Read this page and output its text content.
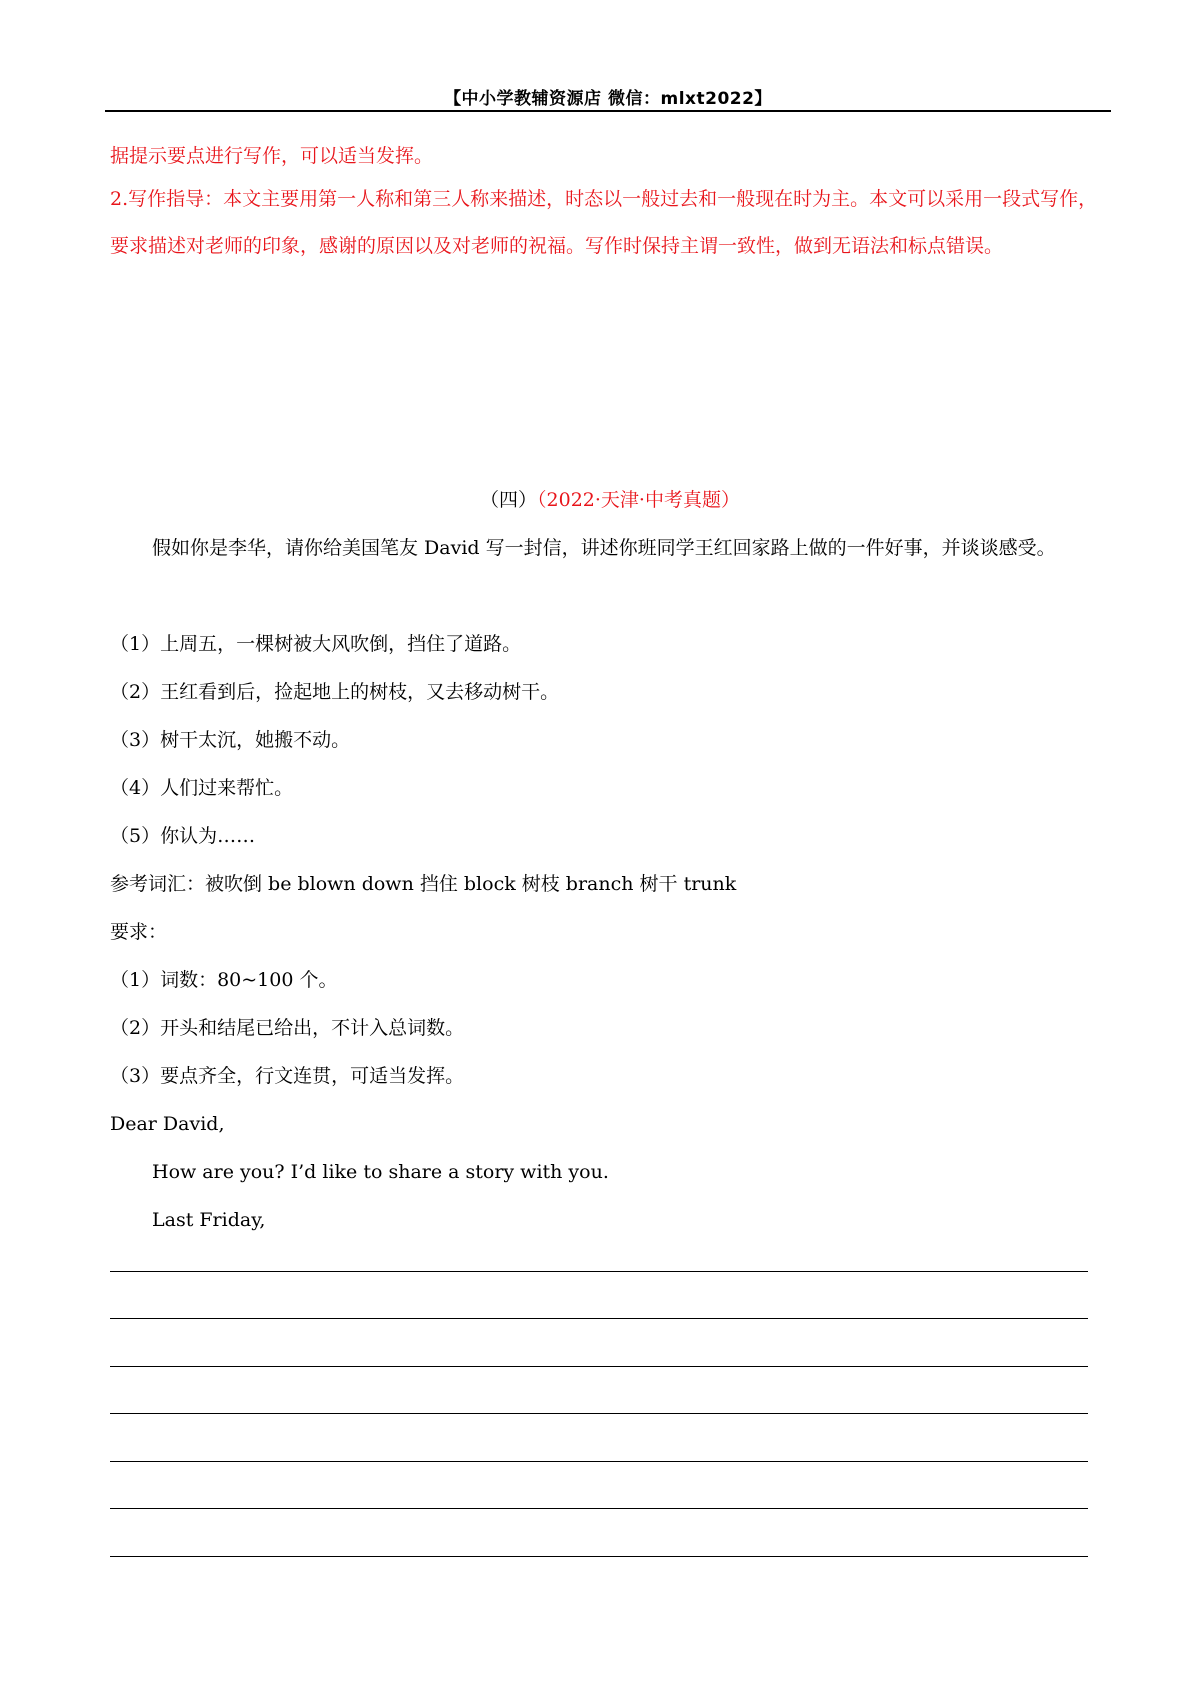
【中小学教辅资源店 微信：mlxt2022】
据提示要点进行写作，可以适当发挥。
2.写作指导：本文主要用第一人称和第三人称来描述，时态以一般过去和一般现在时为主。本文可以采用一段式写作，要求描述对老师的印象，感谢的原因以及对老师的祝福。写作时保持主谓一致性，做到无语法和标点错误。
（四）（2022·天津·中考真题）
假如你是李华，请你给美国笔友 David 写一封信，讲述你班同学王红回家路上做的一件好事，并谈谈感受。
（1）上周五，一棵树被大风吹倒，挡住了道路。
（2）王红看到后，捡起地上的树枝，又去移动树干。
（3）树干太沉，她搬不动。
（4）人们过来帮忙。
（5）你认为……
参考词汇：被吹倒 be blown down 挡住 block 树枝 branch 树干 trunk
要求：
（1）词数：80~100 个。
（2）开头和结尾已给出，不计入总词数。
（3）要点齐全，行文连贯，可适当发挥。
Dear David,
How are you? I’d like to share a story with you.
Last Friday,
